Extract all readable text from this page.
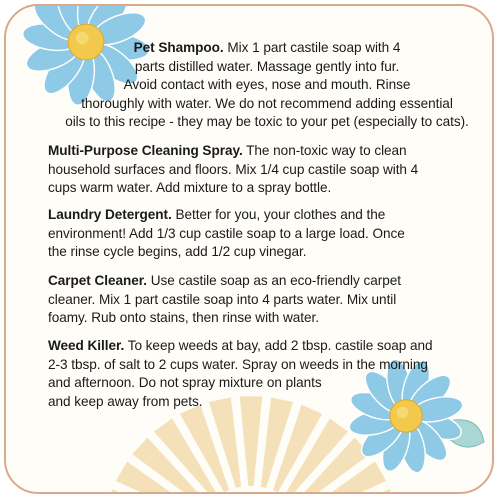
Pet Shampoo. Mix 1 part castile soap with 4
parts distilled water. Massage gently into fur.
Avoid contact with eyes, nose and mouth. Rinse
thoroughly with water. We do not recommend adding essential
oils to this recipe - they may be toxic to your pet (especially to cats).

Multi-Purpose Cleaning Spray. The non-toxic way to clean
household surfaces and floors. Mix 1/4 cup castile soap with 4
cups warm water. Add mixture to a spray bottle.

Laundry Detergent. Better for you, your clothes and the
environment! Add 1/3 cup castile soap to a large load. Once
the rinse cycle begins, add 1/2 cup vinegar.

Carpet Cleaner. Use castile soap as an eco-friendly carpet
cleaner. Mix 1 part castile soap into 4 parts water. Mix until
foamy. Rub onto stains, then rinse with water.

Weed Killer. To keep weeds at bay, add 2 tbsp. castile soap and
2-3 tbsp. of salt to 2 cups water. Spray on weeds in the morning
and afternoon. Do not spray mixture on plants
and keep away from pets.
